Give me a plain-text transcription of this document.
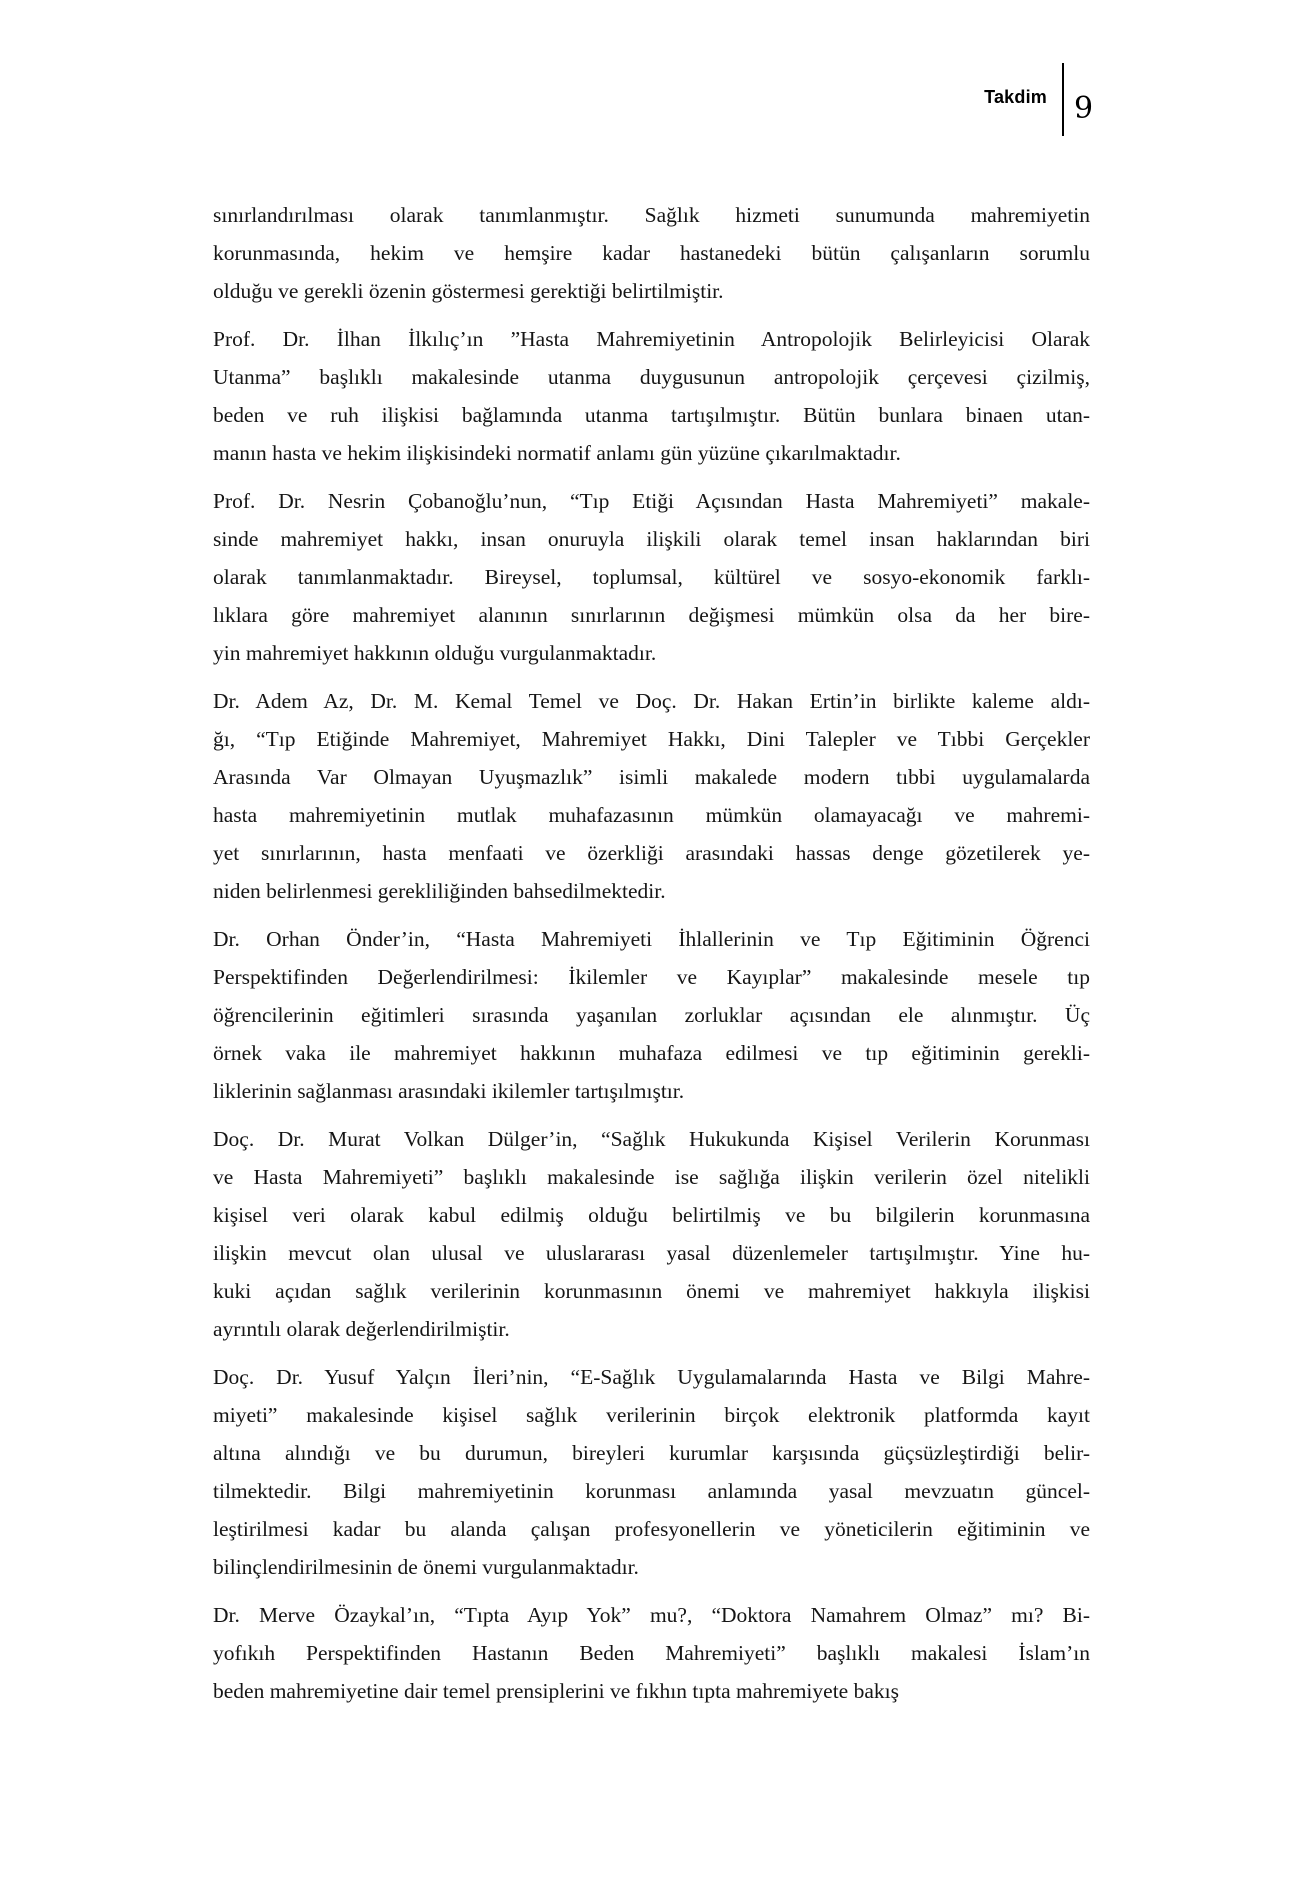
Takdim 9
sınırlandırılması olarak tanımlanmıştır. Sağlık hizmeti sunumunda mahremiyetin
korunmasında, hekim ve hemşire kadar hastanedeki bütün çalışanların sorumlu
olduğu ve gerekli özenin göstermesi gerektiği belirtilmiştir.
Prof. Dr. İlhan İlkılıç’ın ”Hasta Mahremiyetinin Antropolojik Belirleyicisi Olarak
Utanma” başlıklı makalesinde utanma duygusunun antropolojik çerçevesi çizilmiş,
beden ve ruh ilişkisi bağlamında utanma tartışılmıştır. Bütün bunlara binaen utan-
manın hasta ve hekim ilişkisindeki normatif anlamı gün yüzüne çıkarılmaktadır.
Prof. Dr. Nesrin Çobanoğlu’nun, “Tıp Etiği Açısından Hasta Mahremiyeti” makale-
sinde mahremiyet hakkı, insan onuruyla ilişkili olarak temel insan haklarından biri
olarak tanımlanmaktadır. Bireysel, toplumsal, kültürel ve sosyo-ekonomik farklı-
lıklara göre mahremiyet alanının sınırlarının değişmesi mümkün olsa da her bire-
yin mahremiyet hakkının olduğu vurgulanmaktadır.
Dr. Adem Az, Dr. M. Kemal Temel ve Doç. Dr. Hakan Ertin’in birlikte kaleme aldı-
ğı, “Tıp Etiğinde Mahremiyet, Mahremiyet Hakkı, Dini Talepler ve Tıbbi Gerçekler
Arasında Var Olmayan Uyuşmazlık” isimli makalede modern tıbbi uygulamalarda
hasta mahremiyetinin mutlak muhafazasının mümkün olamayacağı ve mahremi-
yet sınırlarının, hasta menfaati ve özerkliği arasındaki hassas denge gözetilerek ye-
niden belirlenmesi gerekliliğinden bahsedilmektedir.
Dr. Orhan Önder’in, “Hasta Mahremiyeti İhlallerinin ve Tıp Eğitiminin Öğrenci
Perspektifinden Değerlendirilmesi: İkilemler ve Kayıplar” makalesinde mesele tıp
öğrencilerinin eğitimleri sırasında yaşanılan zorluklar açısından ele alınmıştır. Üç
örnek vaka ile mahremiyet hakkının muhafaza edilmesi ve tıp eğitiminin gerekli-
liklerinin sağlanması arasındaki ikilemler tartışılmıştır.
Doç. Dr. Murat Volkan Dülger’in, “Sağlık Hukukunda Kişisel Verilerin Korunması
ve Hasta Mahremiyeti” başlıklı makalesinde ise sağlığa ilişkin verilerin özel nitelikli
kişisel veri olarak kabul edilmiş olduğu belirtilmiş ve bu bilgilerin korunmasına
ilişkin mevcut olan ulusal ve uluslararası yasal düzenlemeler tartışılmıştır. Yine hu-
kuki açıdan sağlık verilerinin korunmasının önemi ve mahremiyet hakkıyla ilişkisi
ayrıntılı olarak değerlendirilmiştir.
Doç. Dr. Yusuf Yalçın İleri’nin, “E-Sağlık Uygulamalarında Hasta ve Bilgi Mahre-
miyeti” makalesinde kişisel sağlık verilerinin birçok elektronik platformda kayıt
altına alındığı ve bu durumun, bireyleri kurumlar karşısında güçsüzleştirdiği belir-
tilmektedir. Bilgi mahremiyetinin korunması anlamında yasal mevzuatın güncel-
leştirilmesi kadar bu alanda çalışan profesyonellerin ve yöneticilerin eğitiminin ve
bilinçlendirilmesinin de önemi vurgulanmaktadır.
Dr. Merve Özaykal’ın, “Tıpta Ayıp Yok” mu?, “Doktora Namahrem Olmaz” mı? Bi-
yofıkıh Perspektifinden Hastanın Beden Mahremiyeti” başlıklı makalesi İslam’ın
beden mahremiyetine dair temel prensiplerini ve fıkhın tıpta mahremiyete bakış
